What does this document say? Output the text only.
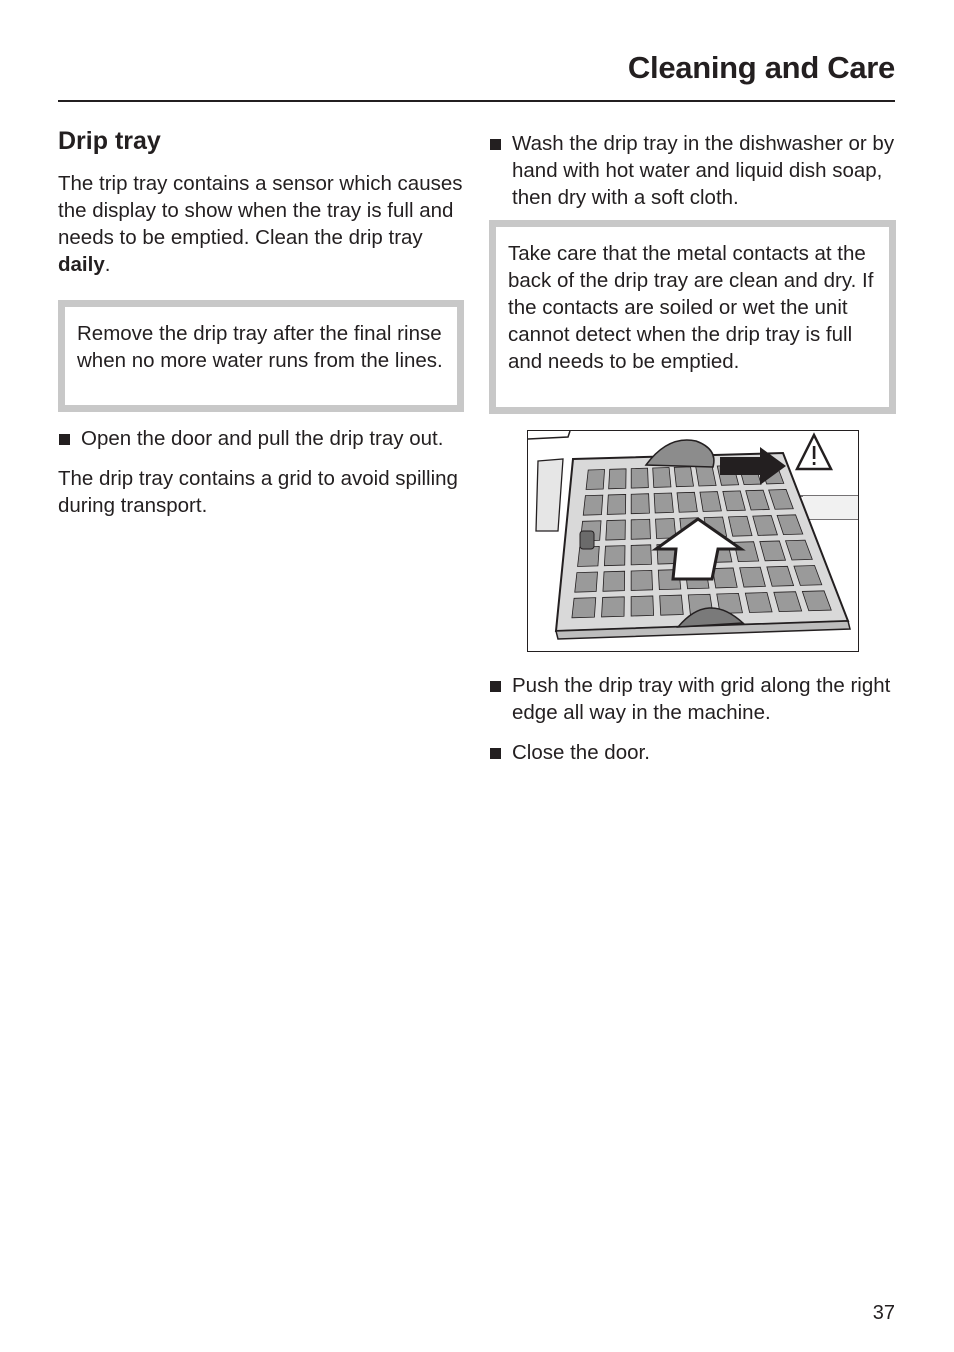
Cleaning and Care
Drip tray

The trip tray contains a sensor which causes the display to show when the tray is full and needs to be emptied. Clean the drip tray daily.

Remove the drip tray after the final rinse when no more water runs from the lines.

Open the door and pull the drip tray out.

The drip tray contains a grid to avoid spilling during transport.

Wash the drip tray in the dishwasher or by hand with hot water and liquid dish soap, then dry with a soft cloth.

Take care that the metal contacts at the back of the drip tray are clean and dry. If the contacts are soiled or wet the unit cannot detect when the drip tray is full and needs to be emptied.

Push the drip tray with grid along the right edge all way in the machine.

Close the door.

37
